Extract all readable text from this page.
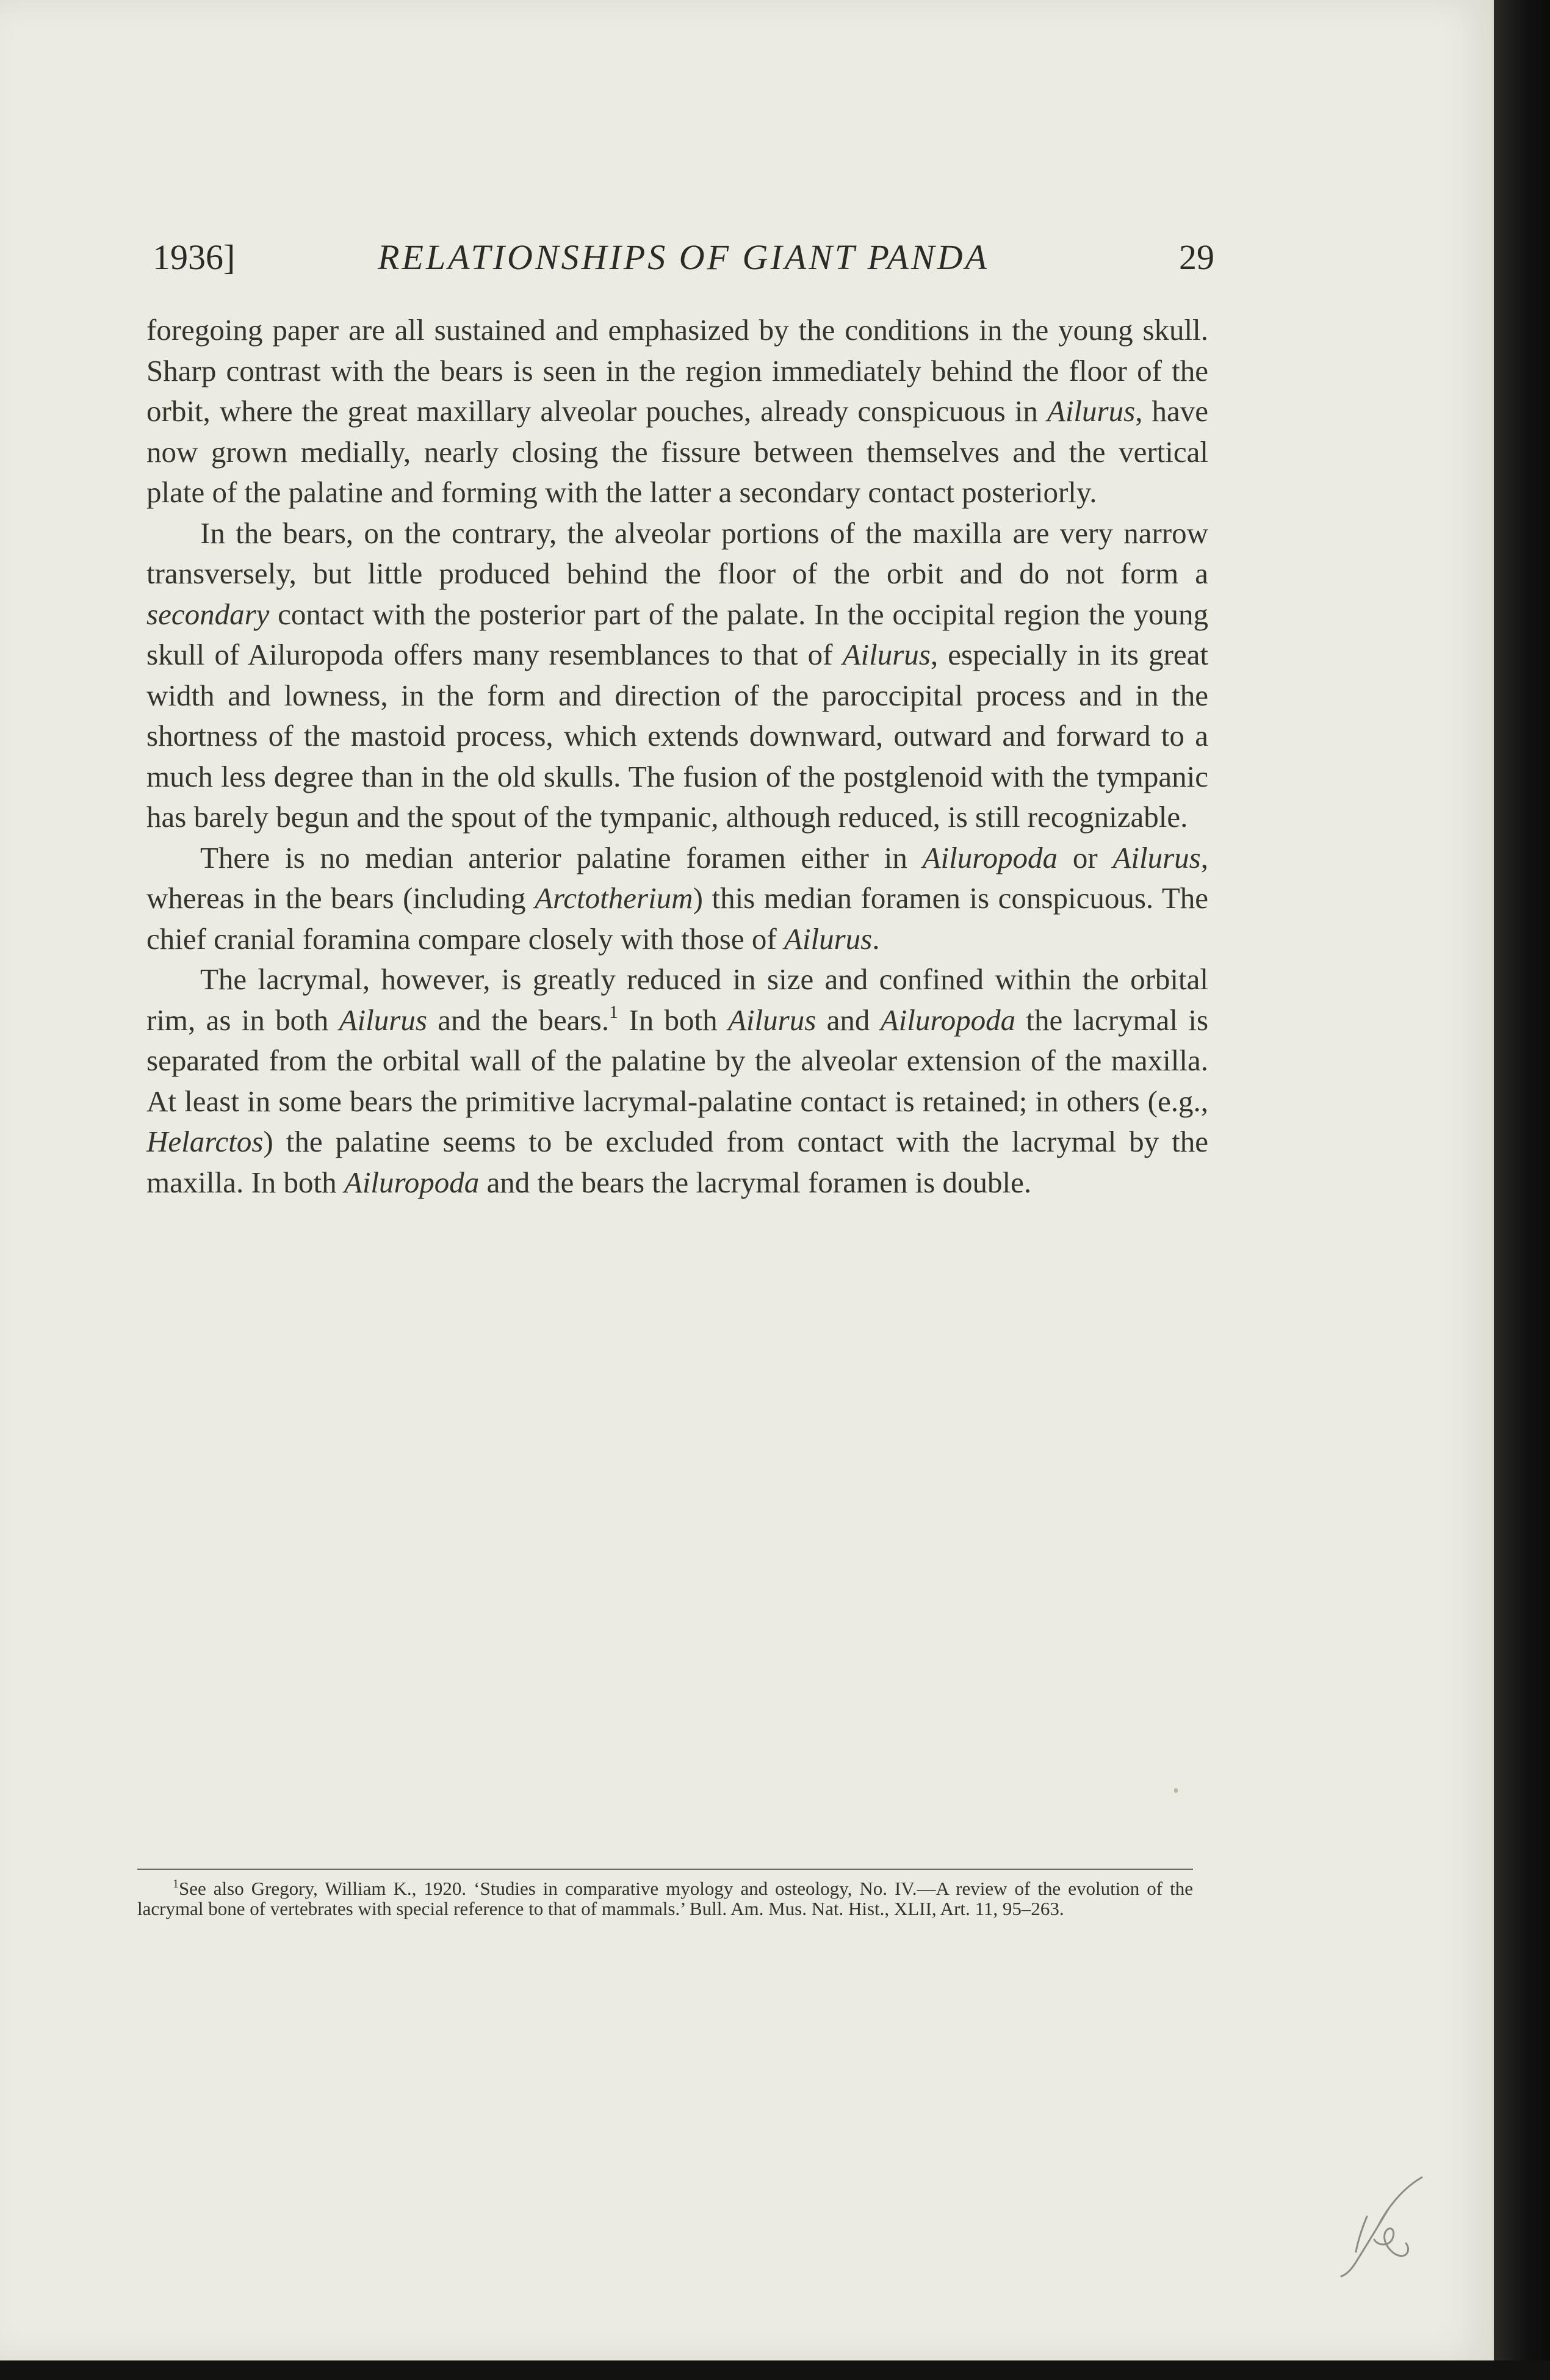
1936]	RELATIONSHIPS OF GIANT PANDA	29

foregoing paper are all sustained and emphasized by the conditions in the young skull. Sharp contrast with the bears is seen in the region immediately behind the floor of the orbit, where the great maxillary alveolar pouches, already conspicuous in Ailurus, have now grown medially, nearly closing the fissure between themselves and the vertical plate of the palatine and forming with the latter a secondary contact posteriorly.

In the bears, on the contrary, the alveolar portions of the maxilla are very narrow transversely, but little produced behind the floor of the orbit and do not form a secondary contact with the posterior part of the palate. In the occipital region the young skull of Ailuropoda offers many resemblances to that of Ailurus, especially in its great width and lowness, in the form and direction of the paroccipital process and in the shortness of the mastoid process, which extends downward, outward and forward to a much less degree than in the old skulls. The fusion of the postglenoid with the tympanic has barely begun and the spout of the tympanic, although reduced, is still recognizable.

There is no median anterior palatine foramen either in Ailuropoda or Ailurus, whereas in the bears (including Arctotherium) this median foramen is conspicuous. The chief cranial foramina compare closely with those of Ailurus.

The lacrymal, however, is greatly reduced in size and confined within the orbital rim, as in both Ailurus and the bears.$^1$ In both Ailurus and Ailuropoda the lacrymal is separated from the orbital wall of the palatine by the alveolar extension of the maxilla. At least in some bears the primitive lacrymal-palatine contact is retained; in others (e.g., Helarctos) the palatine seems to be excluded from contact with the lacrymal by the maxilla. In both Ailuropoda and the bears the lacrymal foramen is double.

$^1$See also Gregory, William K., 1920. ‘Studies in comparative myology and osteology, No. IV.—A review of the evolution of the lacrymal bone of vertebrates with special reference to that of mammals.’ Bull. Am. Mus. Nat. Hist., XLII, Art. 11, 95–263.
